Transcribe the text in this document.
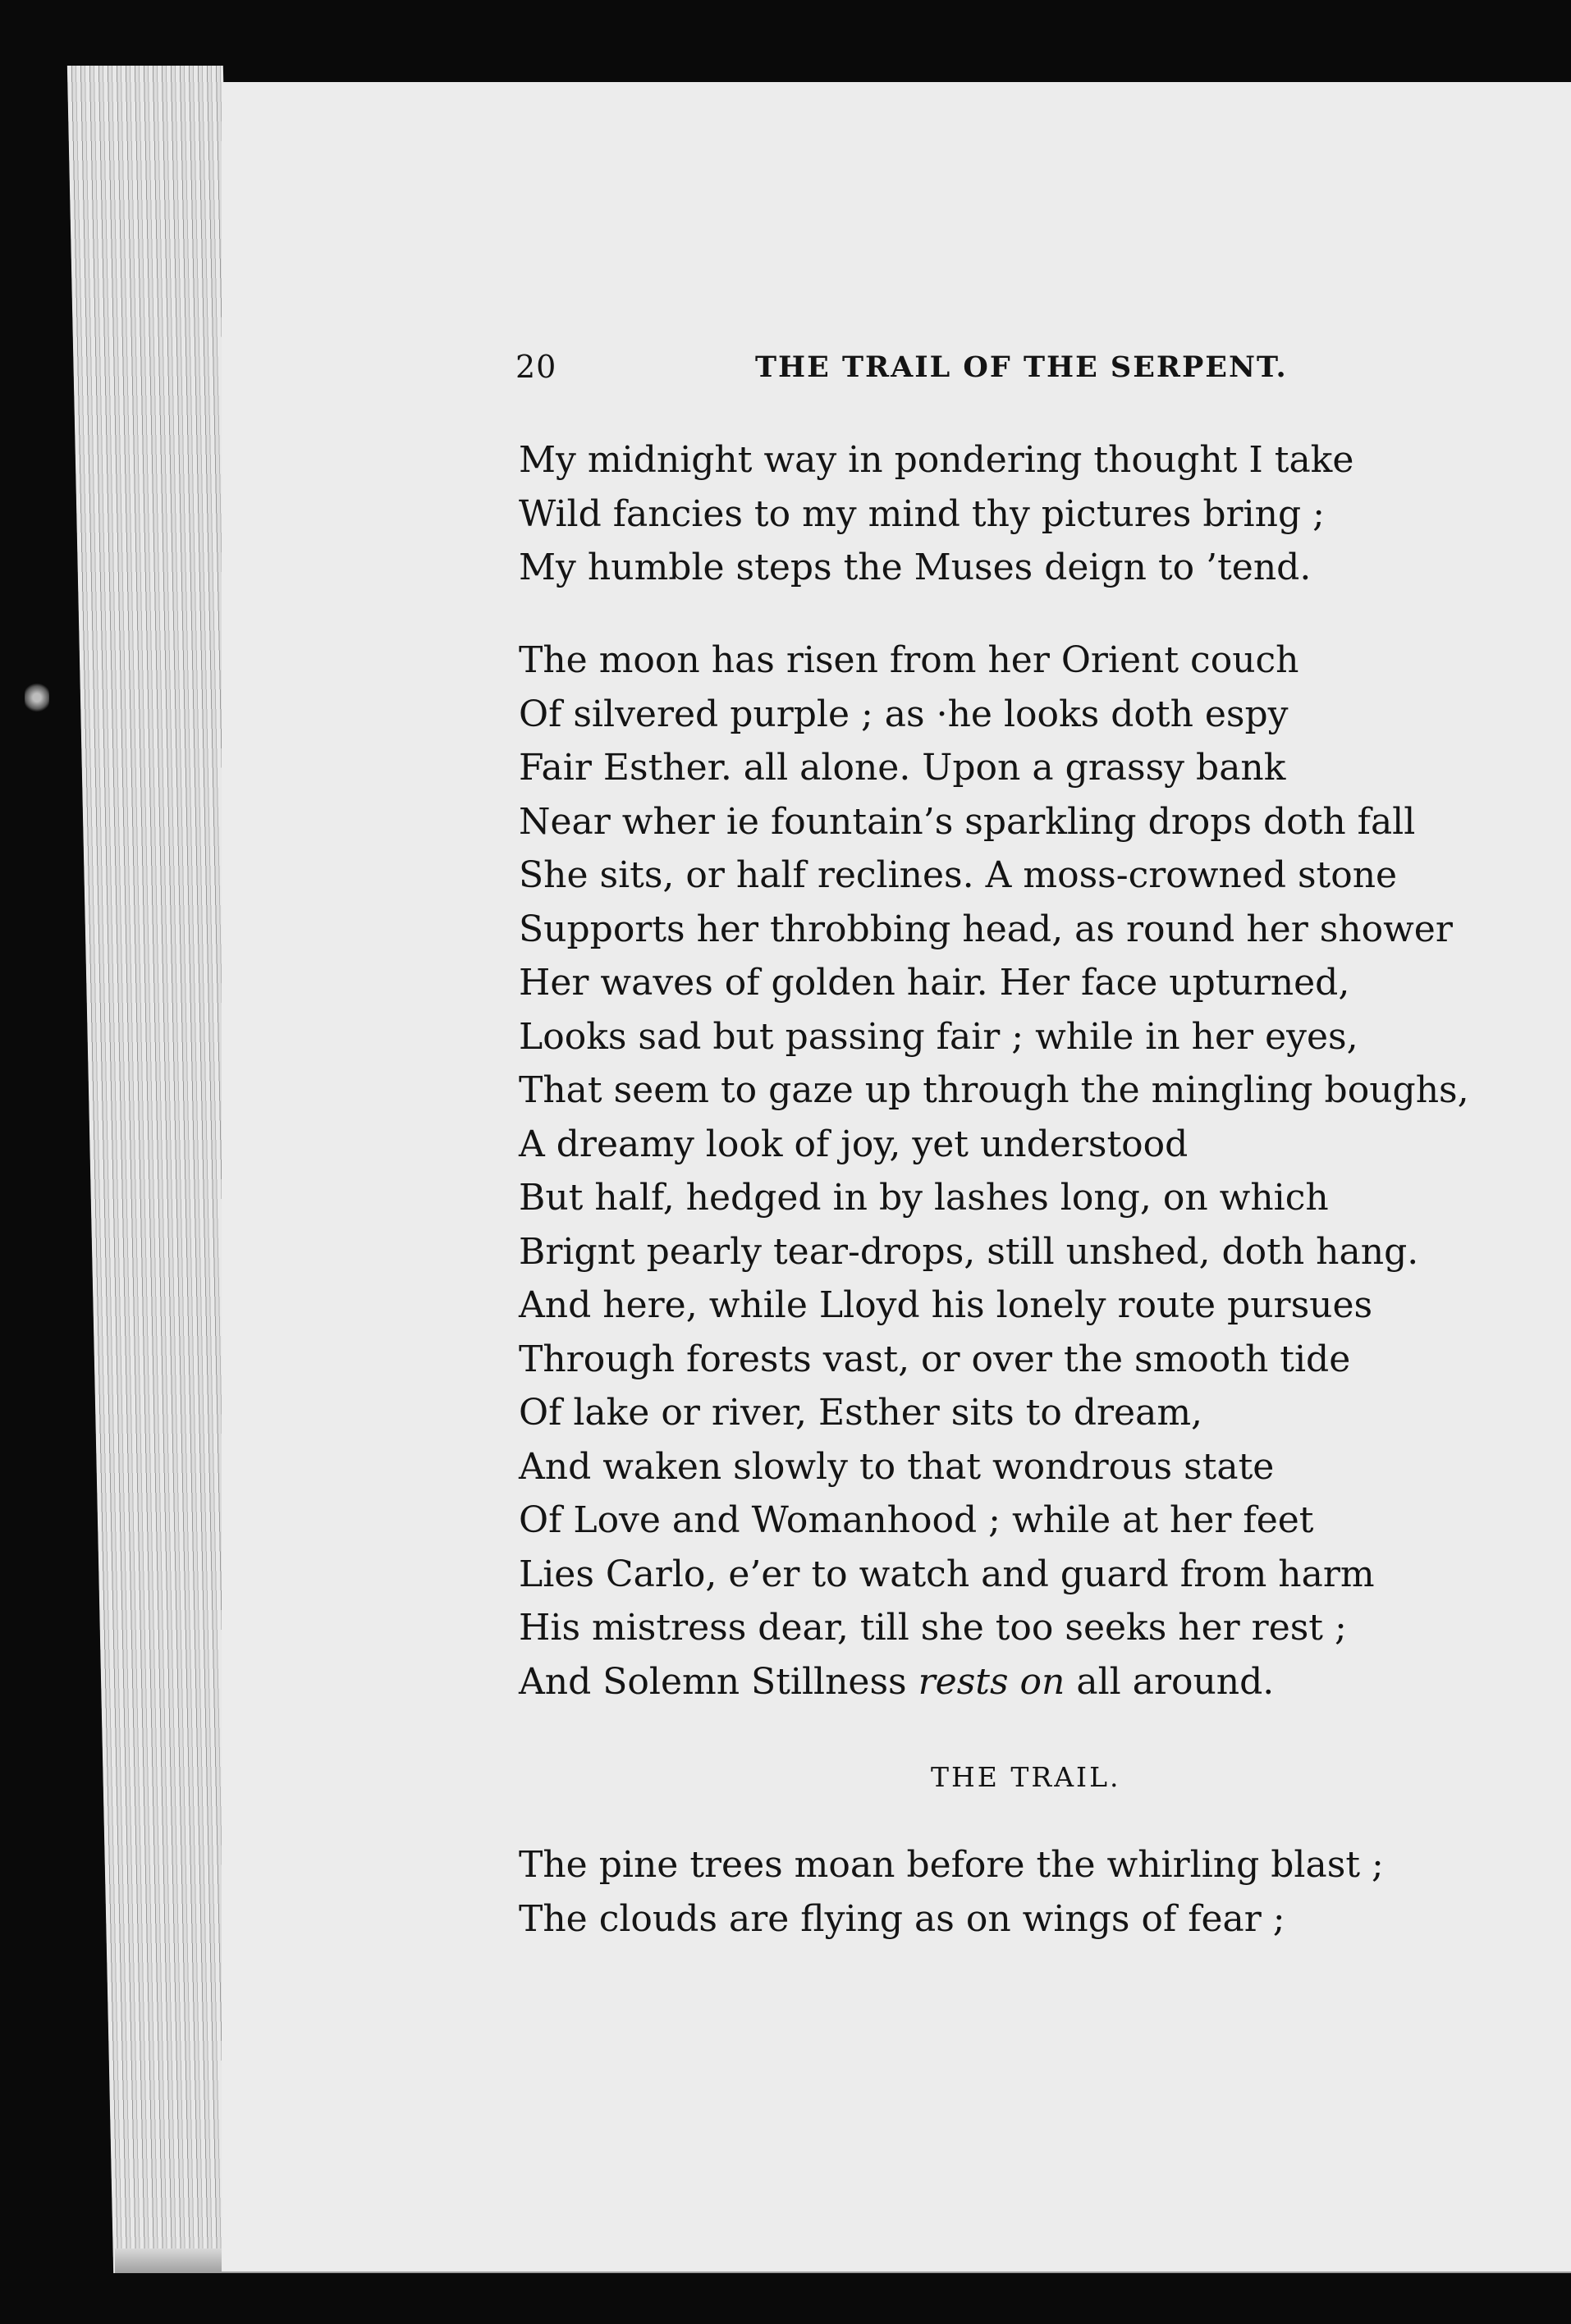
20	THE TRAIL OF THE SERPENT.
My midnight way in pondering thought I take
Wild fancies to my mind thy pictures bring ;
My humble steps the Muses deign to ’tend.
The moon has risen from her Orient couch
Of silvered purple ; as ·he looks doth espy
Fair Esther. all alone. Upon a grassy bank
Near wher ie fountain’s sparkling drops doth fall
She sits, or half reclines. A moss-crowned stone
Supports her throbbing head, as round her shower
Her waves of golden hair. Her face upturned,
Looks sad but passing fair ; while in her eyes,
That seem to gaze up through the mingling boughs,
A dreamy look of joy, yet understood
But half, hedged in by lashes long, on which
Brignt pearly tear-drops, still unshed, doth hang.
And here, while Lloyd his lonely route pursues
Through forests vast, or over the smooth tide
Of lake or river, Esther sits to dream,
And waken slowly to that wondrous state
Of Love and Womanhood ; while at her feet
Lies Carlo, e’er to watch and guard from harm
His mistress dear, till she too seeks her rest ;
And Solemn Stillness rests on all around.
THE TRAIL.
The pine trees moan before the whirling blast ;
The clouds are flying as on wings of fear ;
